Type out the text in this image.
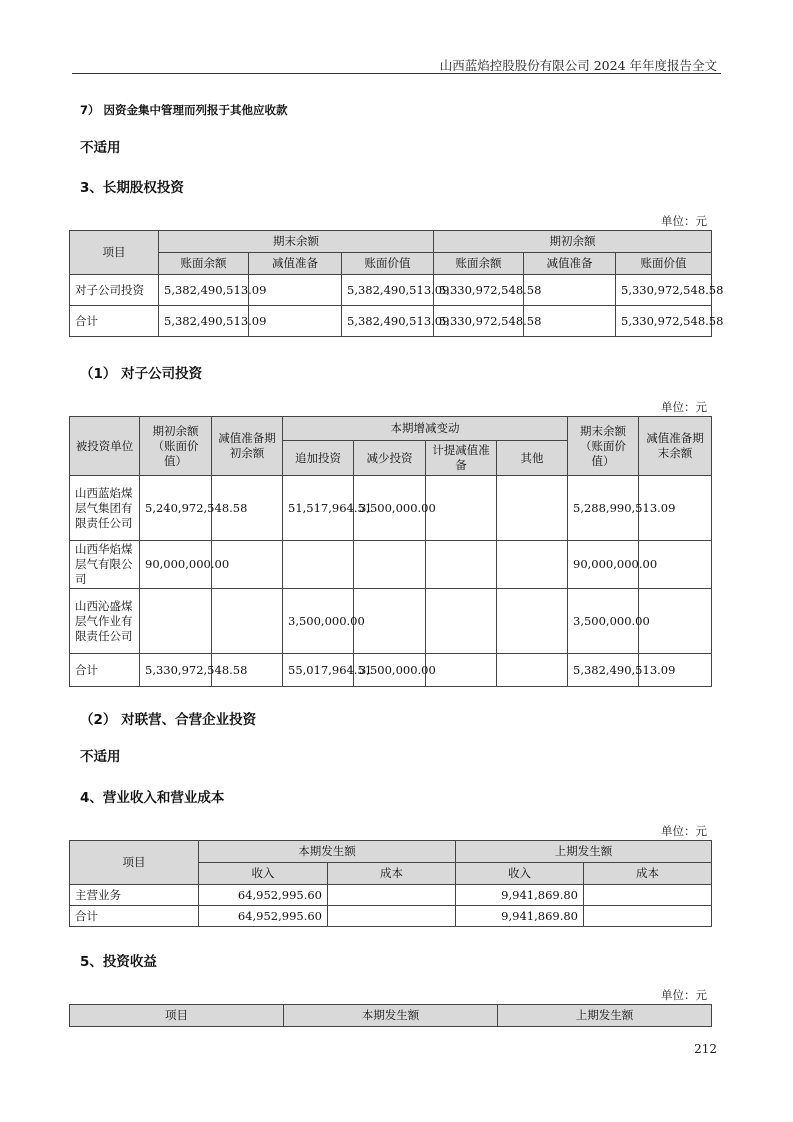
山西蓝焰控股股份有限公司 2024 年年度报告全文
7） 因资金集中管理而列报于其他应收款
不适用
3、长期股权投资
单位：元
项目	期末余额			期初余额		
	账面余额	减值准备	账面价值	账面余额	减值准备	账面价值
对子公司投资	5,382,490,513.09		5,382,490,513.09	5,330,972,548.58		5,330,972,548.58
合计	5,382,490,513.09		5,382,490,513.09	5,330,972,548.58		5,330,972,548.58
（1） 对子公司投资
单位：元
被投资单位	期初余额（账面价值）	减值准备期初余额	本期增减变动				期末余额（账面价值）	减值准备期末余额
			追加投资	减少投资	计提减值准备	其他		
山西蓝焰煤层气集团有限责任公司	5,240,972,548.58		51,517,964.51	3,500,000.00			5,288,990,513.09	
山西华焰煤层气有限公司	90,000,000.00						90,000,000.00	
山西沁盛煤层气作业有限责任公司			3,500,000.00				3,500,000.00	
合计	5,330,972,548.58		55,017,964.51	3,500,000.00			5,382,490,513.09	
（2） 对联营、合营企业投资
不适用
4、营业收入和营业成本
单位：元
项目	本期发生额		上期发生额	
	收入	成本	收入	成本
主营业务	64,952,995.60		9,941,869.80	
合计	64,952,995.60		9,941,869.80	
5、投资收益
单位：元
项目	本期发生额	上期发生额
212
